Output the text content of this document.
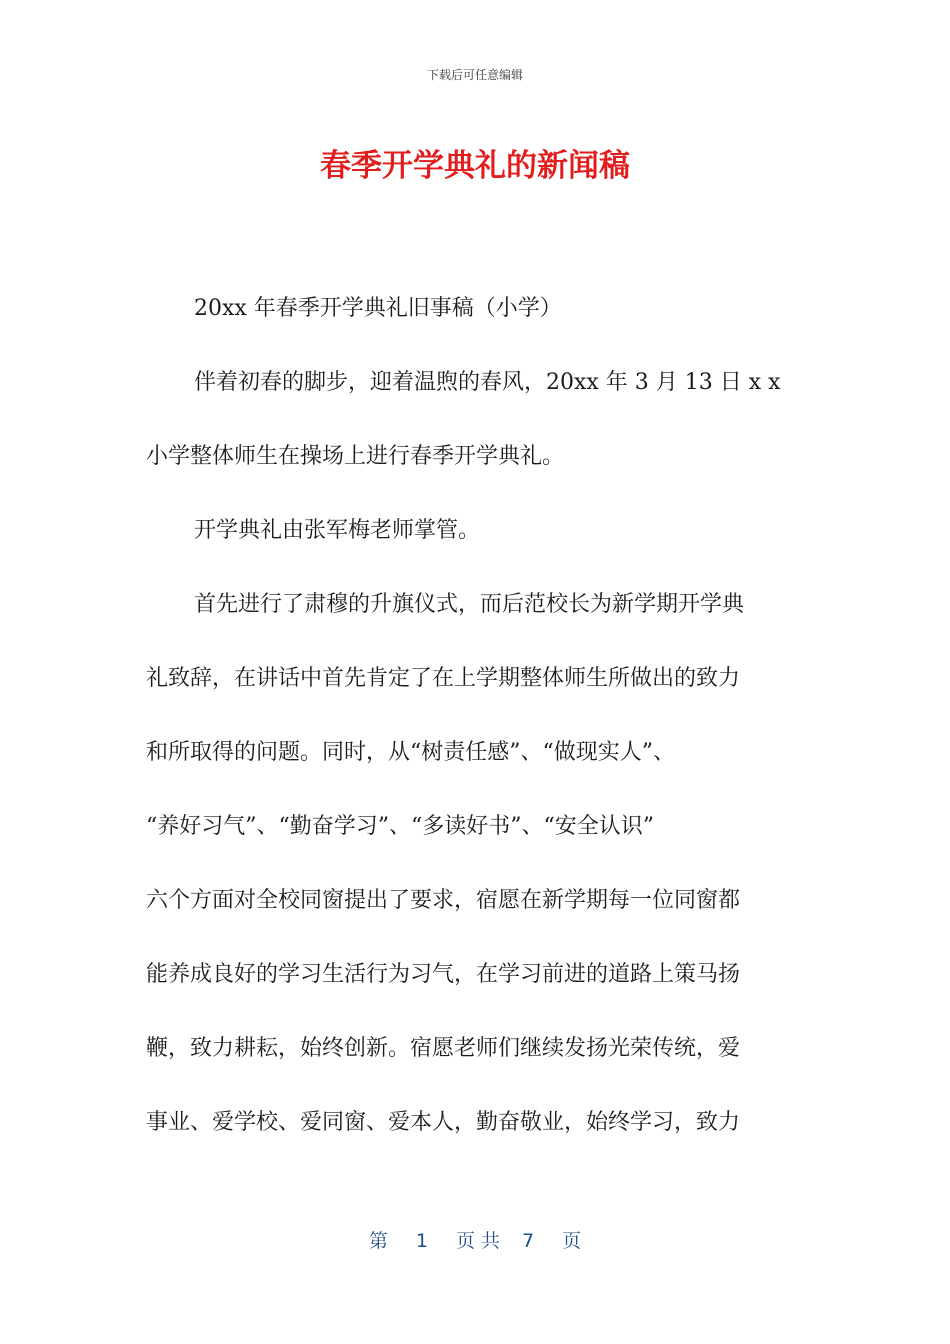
下载后可任意编辑
春季开学典礼的新闻稿
20xx 年春季开学典礼旧事稿（小学）
伴着初春的脚步，迎着温煦的春风，20xx 年 3 月 13 日 x x
小学整体师生在操场上进行春季开学典礼。
开学典礼由张军梅老师掌管。
首先进行了肃穆的升旗仪式，而后范校长为新学期开学典
礼致辞，在讲话中首先肯定了在上学期整体师生所做出的致力
和所取得的问题。同时，从“树责任感”、“做现实人”、
“养好习气”、“勤奋学习”、“多读好书”、“安全认识”
六个方面对全校同窗提出了要求，宿愿在新学期每一位同窗都
能养成良好的学习生活行为习气，在学习前进的道路上策马扬
鞭，致力耕耘，始终创新。宿愿老师们继续发扬光荣传统，爱
事业、爱学校、爱同窗、爱本人，勤奋敬业，始终学习，致力
第 1 页 共 7 页
